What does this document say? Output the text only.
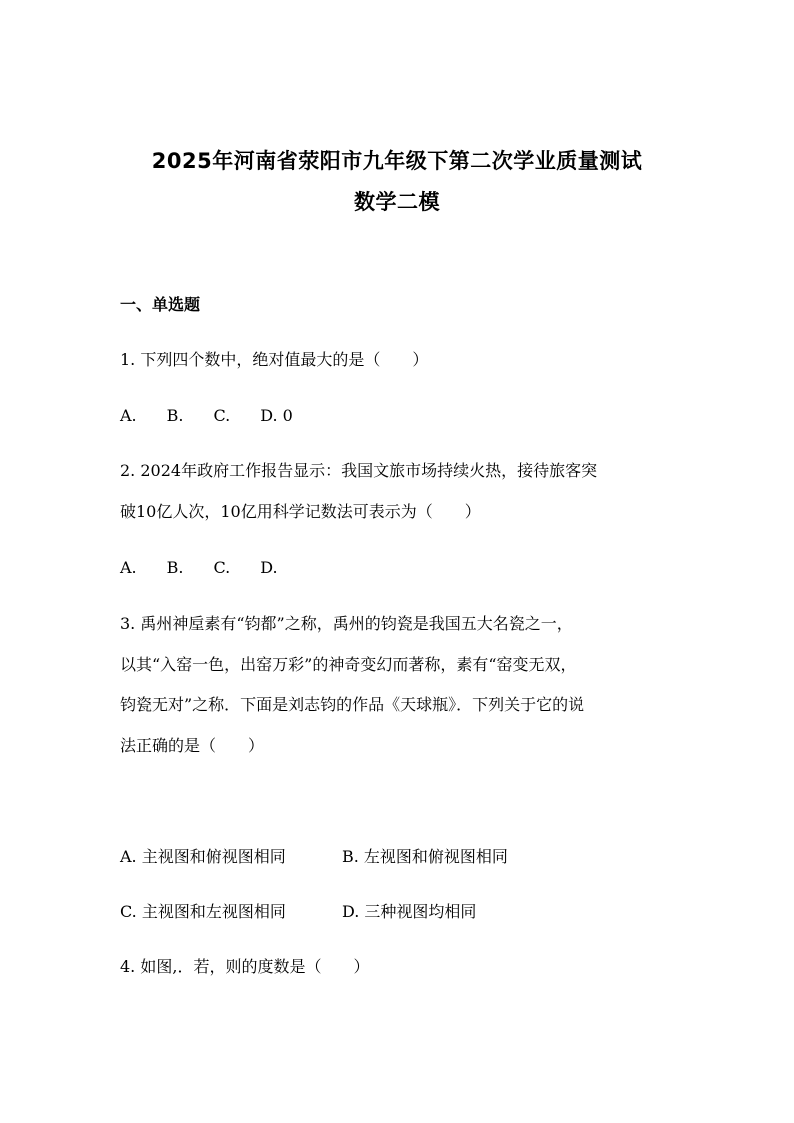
2025年河南省荥阳市九年级下第二次学业质量测试
数学二模
一、单选题
1. 下列四个数中，绝对值最大的是（　　）
A. B. C. D. 0
2. 2024年政府工作报告显示：我国文旅市场持续火热，接待旅客突
破10亿人次，10亿用科学记数法可表示为（　　）
A. B. C. D.
3. 禹州神垕素有“钧都”之称，禹州的钧瓷是我国五大名瓷之一，
以其“入窑一色，出窑万彩”的神奇变幻而著称，素有“窑变无双，
钧瓷无对”之称．下面是刘志钧的作品《天球瓶》．下列关于它的说
法正确的是（　　）
A. 主视图和俯视图相同	B. 左视图和俯视图相同
C. 主视图和左视图相同	D. 三种视图均相同
4. 如图,．若，则的度数是（　　）
